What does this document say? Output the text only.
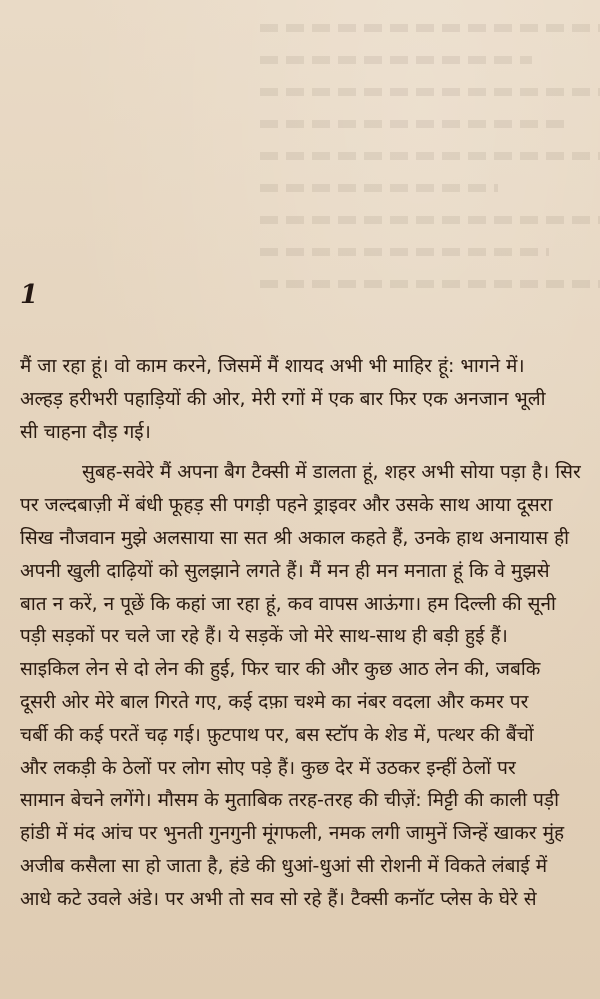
1
मैं जा रहा हूं। वो काम करने, जिसमें मैं शायद अभी भी माहिर हूं: भागने में।
अल्हड़ हरीभरी पहाड़ियों की ओर, मेरी रगों में एक बार फिर एक अनजान भूली
सी चाहना दौड़ गई।
सुबह-सवेरे मैं अपना बैग टैक्सी में डालता हूं, शहर अभी सोया पड़ा है। सिर
पर जल्दबाज़ी में बंधी फूहड़ सी पगड़ी पहने ड्राइवर और उसके साथ आया दूसरा
सिख नौजवान मुझे अलसाया सा सत श्री अकाल कहते हैं, उनके हाथ अनायास ही
अपनी खुली दाढ़ियों को सुलझाने लगते हैं। मैं मन ही मन मनाता हूं कि वे मुझसे
बात न करें, न पूछें कि कहां जा रहा हूं, कव वापस आऊंगा। हम दिल्ली की सूनी
पड़ी सड़कों पर चले जा रहे हैं। ये सड़कें जो मेरे साथ-साथ ही बड़ी हुई हैं।
साइकिल लेन से दो लेन की हुई, फिर चार की और कुछ आठ लेन की, जबकि
दूसरी ओर मेरे बाल गिरते गए, कई दफ़ा चश्मे का नंबर वदला और कमर पर
चर्बी की कई परतें चढ़ गई। फ़ुटपाथ पर, बस स्टॉप के शेड में, पत्थर की बैंचों
और लकड़ी के ठेलों पर लोग सोए पड़े हैं। कुछ देर में उठकर इन्हीं ठेलों पर
सामान बेचने लगेंगे। मौसम के मुताबिक तरह-तरह की चीज़ें: मिट्टी की काली पड़ी
हांडी में मंद आंच पर भुनती गुनगुनी मूंगफली, नमक लगी जामुनें जिन्हें खाकर मुंह
अजीब कसैला सा हो जाता है, हंडे की धुआं-धुआं सी रोशनी में विकते लंबाई में
आधे कटे उवले अंडे। पर अभी तो सव सो रहे हैं। टैक्सी कनॉट प्लेस के घेरे से
